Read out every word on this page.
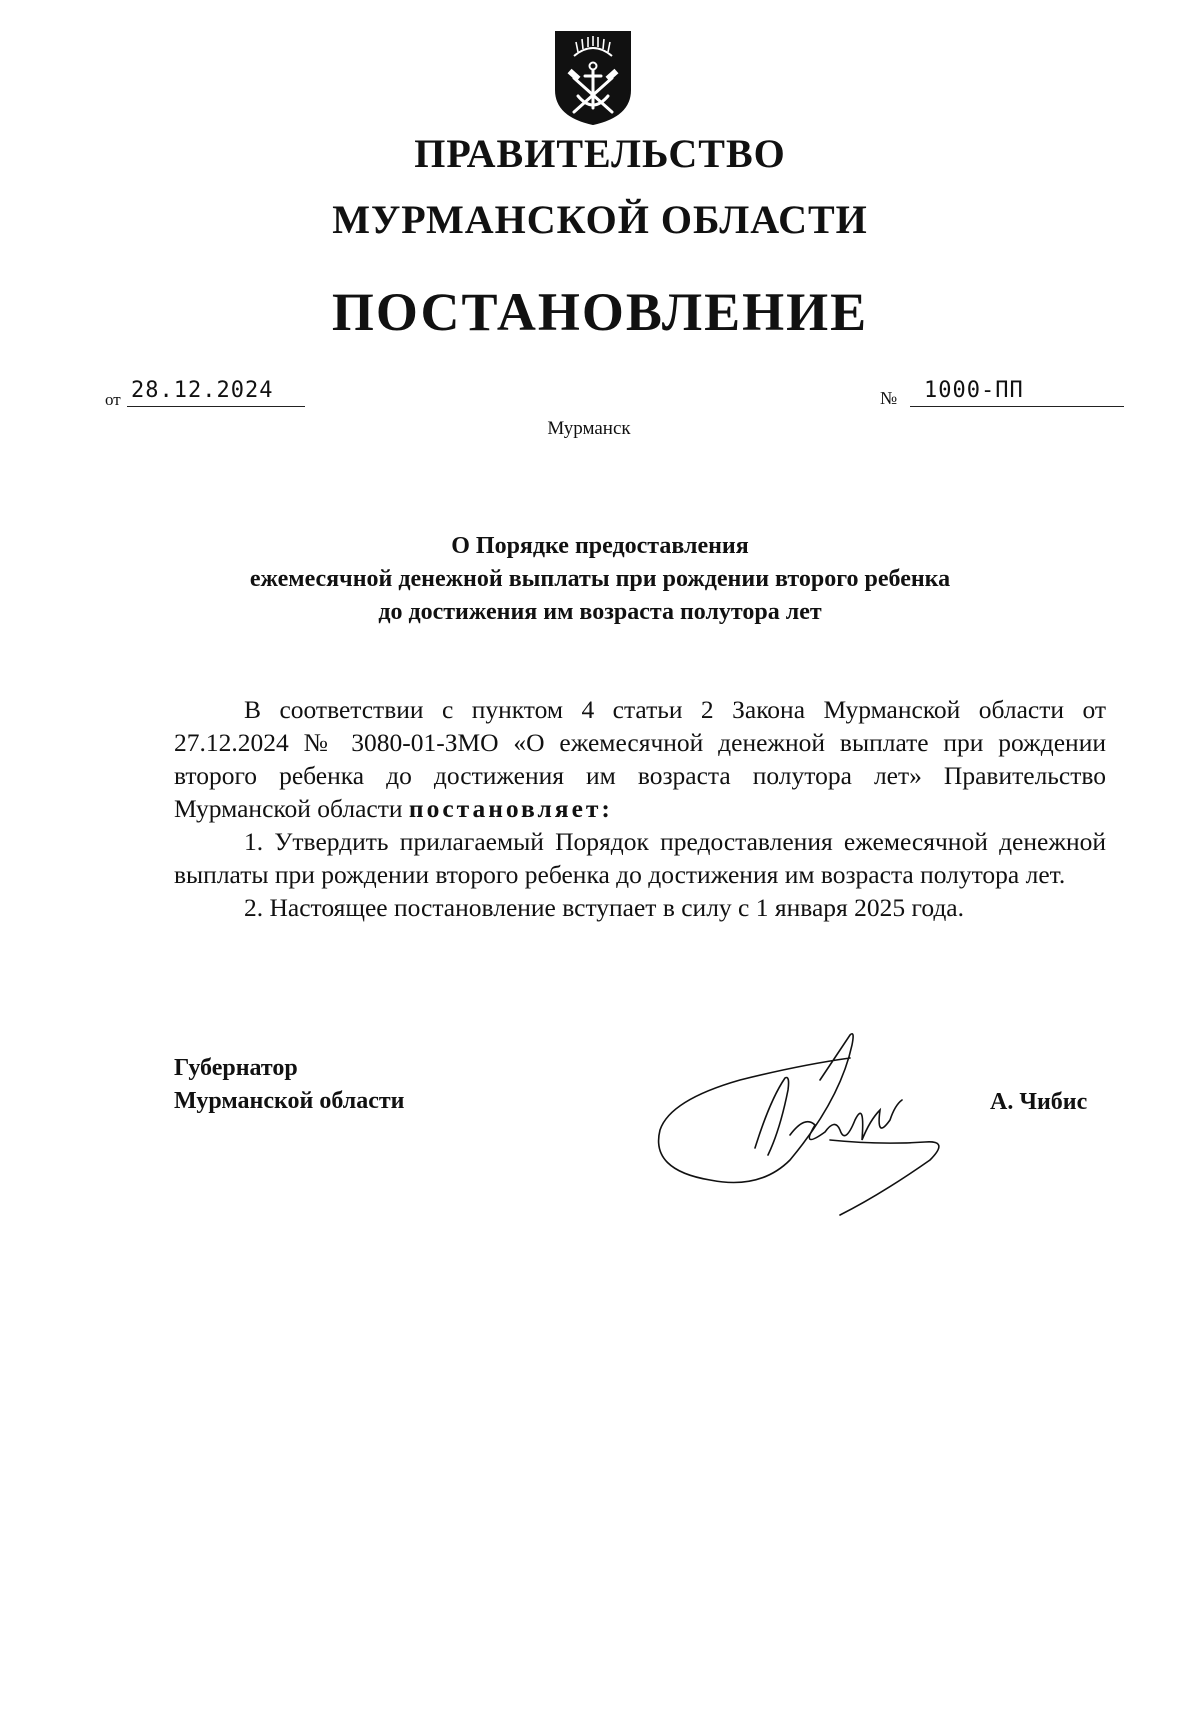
ПРАВИТЕЛЬСТВО
МУРМАНСКОЙ ОБЛАСТИ
ПОСТАНОВЛЕНИЕ
от 28.12.2024	№	1000-ПП
Мурманск
О Порядке предоставления
ежемесячной денежной выплаты при рождении второго ребенка
до достижения им возраста полутора лет

В соответствии с пунктом 4 статьи 2 Закона Мурманской области от 27.12.2024 № 3080-01-ЗМО «О ежемесячной денежной выплате при рождении второго ребенка до достижения им возраста полутора лет» Правительство Мурманской области постановляет:

1. Утвердить прилагаемый Порядок предоставления ежемесячной денежной выплаты при рождении второго ребенка до достижения им возраста полутора лет.

2. Настоящее постановление вступает в силу с 1 января 2025 года.

Губернатор
Мурманской области	А. Чибис
